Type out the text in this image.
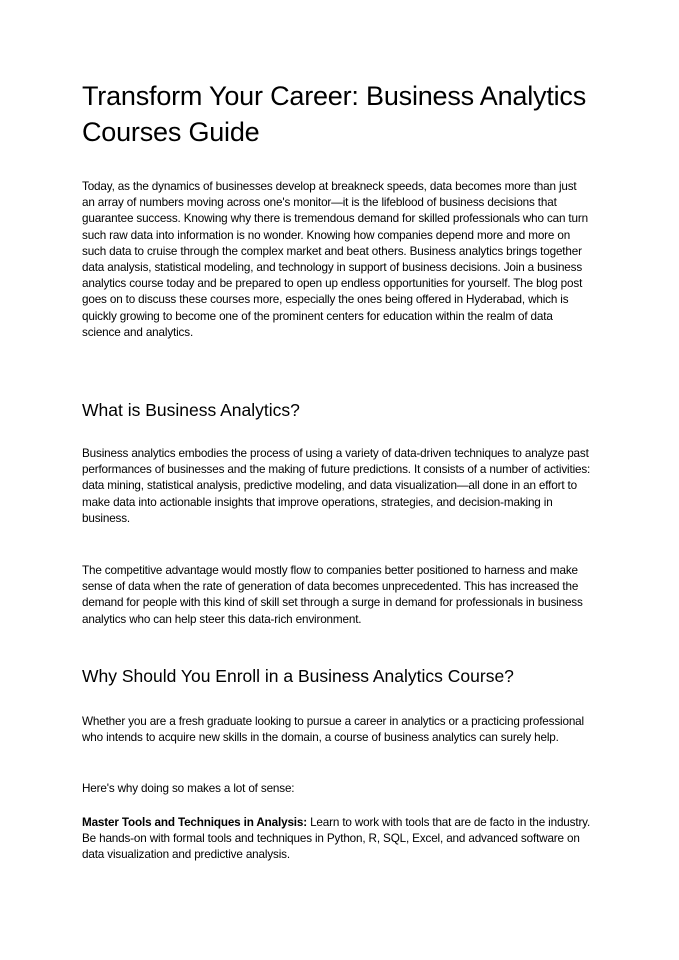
Transform Your Career: Business Analytics Courses Guide

Today, as the dynamics of businesses develop at breakneck speeds, data becomes more than just an array of numbers moving across one's monitor—it is the lifeblood of business decisions that guarantee success. Knowing why there is tremendous demand for skilled professionals who can turn such raw data into information is no wonder. Knowing how companies depend more and more on such data to cruise through the complex market and beat others. Business analytics brings together data analysis, statistical modeling, and technology in support of business decisions. Join a business analytics course today and be prepared to open up endless opportunities for yourself. The blog post goes on to discuss these courses more, especially the ones being offered in Hyderabad, which is quickly growing to become one of the prominent centers for education within the realm of data science and analytics.

What is Business Analytics?

Business analytics embodies the process of using a variety of data-driven techniques to analyze past performances of businesses and the making of future predictions. It consists of a number of activities: data mining, statistical analysis, predictive modeling, and data visualization—all done in an effort to make data into actionable insights that improve operations, strategies, and decision-making in business.

The competitive advantage would mostly flow to companies better positioned to harness and make sense of data when the rate of generation of data becomes unprecedented. This has increased the demand for people with this kind of skill set through a surge in demand for professionals in business analytics who can help steer this data-rich environment.

Why Should You Enroll in a Business Analytics Course?

Whether you are a fresh graduate looking to pursue a career in analytics or a practicing professional who intends to acquire new skills in the domain, a course of business analytics can surely help.

Here's why doing so makes a lot of sense:

Master Tools and Techniques in Analysis: Learn to work with tools that are de facto in the industry. Be hands-on with formal tools and techniques in Python, R, SQL, Excel, and advanced software on data visualization and predictive analysis.
